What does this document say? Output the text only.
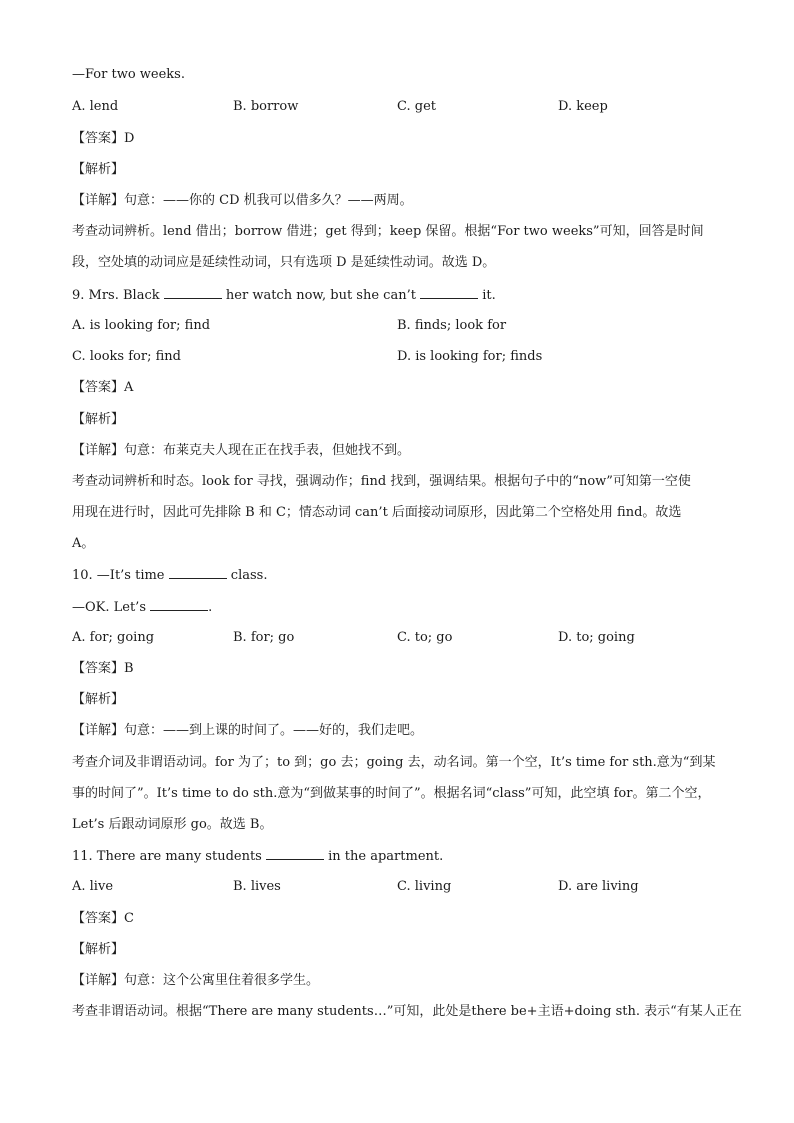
—For two weeks.
A. lend	B. borrow	C. get	D. keep
【答案】D
【解析】
【详解】句意：——你的 CD 机我可以借多久？——两周。
考查动词辨析。lend 借出；borrow 借进；get 得到；keep 保留。根据“For two weeks”可知，回答是时间
段，空处填的动词应是延续性动词，只有选项 D 是延续性动词。故选 D。
9. Mrs. Black	her watch now, but she can’t	it.
A. is looking for; find	B. finds; look for
C. looks for; find	D. is looking for; finds
【答案】A
【解析】
【详解】句意：布莱克夫人现在正在找手表，但她找不到。
考查动词辨析和时态。look for 寻找，强调动作；find 找到，强调结果。根据句子中的“now”可知第一空使
用现在进行时，因此可先排除 B 和 C；情态动词 can’t 后面接动词原形，因此第二个空格处用 find。故选
A。
10. —It’s time	class.
—OK. Let’s	.
A. for; going	B. for; go	C. to; go	D. to; going
【答案】B
【解析】
【详解】句意：——到上课的时间了。——好的，我们走吧。
考查介词及非谓语动词。for 为了；to 到；go 去；going 去，动名词。第一个空，It’s time for sth.意为“到某
事的时间了”。It’s time to do sth.意为“到做某事的时间了”。根据名词“class”可知，此空填 for。第二个空，
Let’s 后跟动词原形 go。故选 B。
11. There are many students	in the apartment.
A. live	B. lives	C. living	D. are living
【答案】C
【解析】
【详解】句意：这个公寓里住着很多学生。
考查非谓语动词。根据“There are many students…”可知，此处是there be+主语+doing sth. 表示“有某人正在
